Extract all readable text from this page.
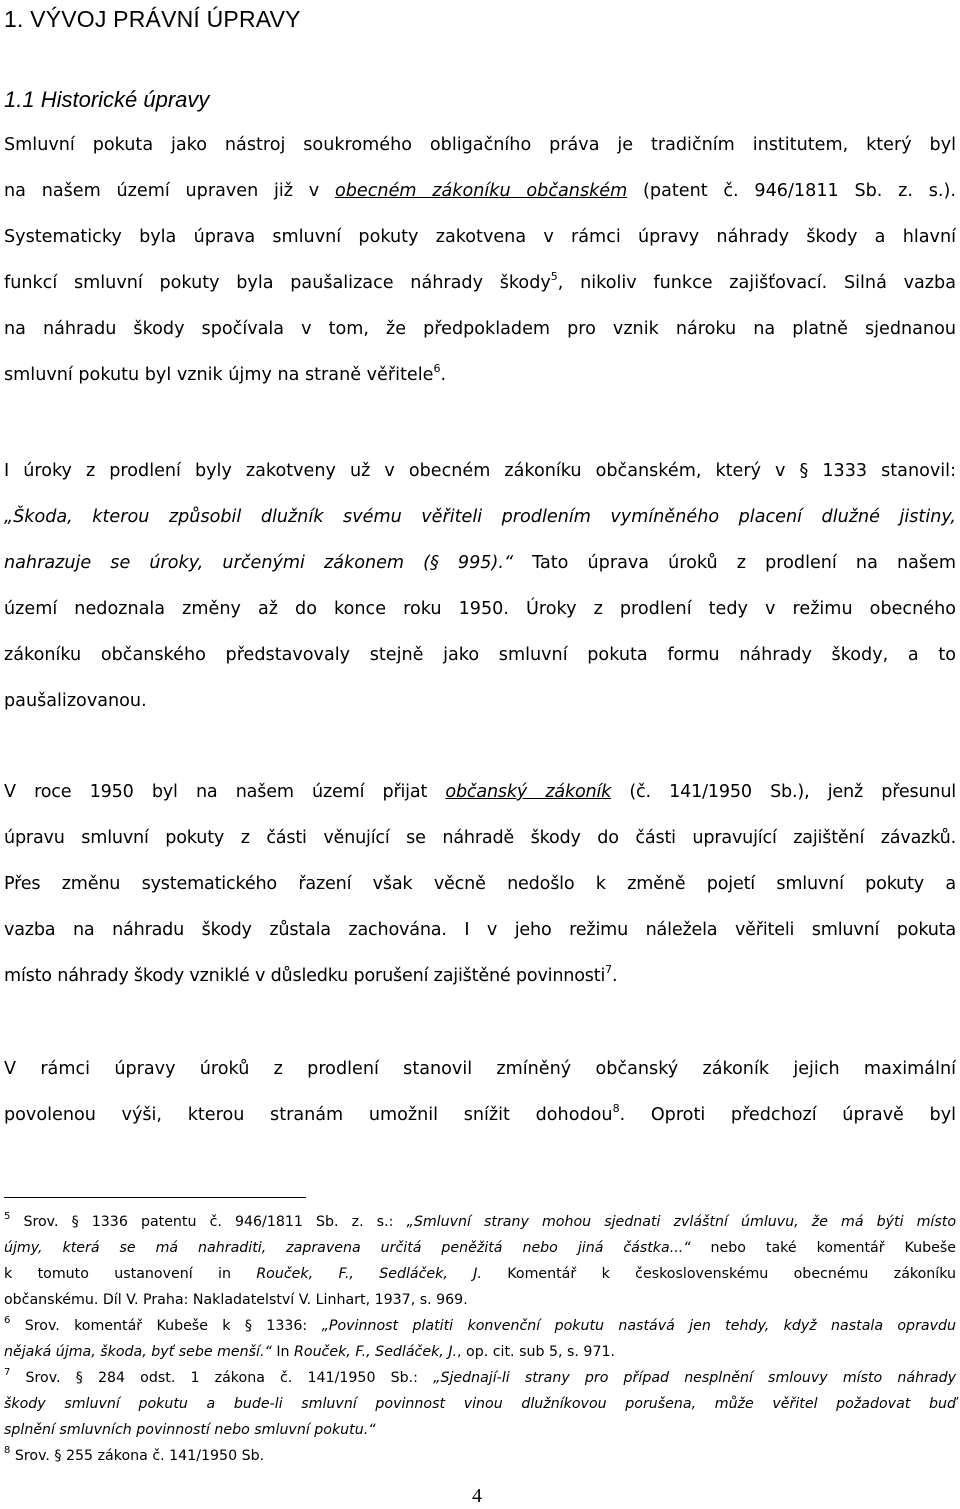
1. VÝVOJ PRÁVNÍ ÚPRAVY
1.1 Historické úpravy
Smluvní pokuta jako nástroj soukromého obligačního práva je tradičním institutem, který byl
na našem území upraven již v obecném zákoníku občanském (patent č. 946/1811 Sb. z. s.).
Systematicky byla úprava smluvní pokuty zakotvena v rámci úpravy náhrady škody a hlavní
funkcí smluvní pokuty byla paušalizace náhrady škody$^5$, nikoliv funkce zajišťovací. Silná vazba
na náhradu škody spočívala v tom, že předpokladem pro vznik nároku na platně sjednanou
smluvní pokutu byl vznik újmy na straně věřitele$^6$.
I úroky z prodlení byly zakotveny už v obecném zákoníku občanském, který v § 1333 stanovil:
„Škoda, kterou způsobil dlužník svému věřiteli prodlením vymíněného placení dlužné jistiny,
nahrazuje se úroky, určenými zákonem (§ 995).“ Tato úprava úroků z prodlení na našem
území nedoznala změny až do konce roku 1950. Úroky z prodlení tedy v režimu obecného
zákoníku občanského představovaly stejně jako smluvní pokuta formu náhrady škody, a to
paušalizovanou.
V roce 1950 byl na našem území přijat občanský zákoník (č. 141/1950 Sb.), jenž přesunul
úpravu smluvní pokuty z části věnující se náhradě škody do části upravující zajištění závazků.
Přes změnu systematického řazení však věcně nedošlo k změně pojetí smluvní pokuty a
vazba na náhradu škody zůstala zachována. I v jeho režimu náležela věřiteli smluvní pokuta
místo náhrady škody vzniklé v důsledku porušení zajištěné povinnosti$^7$.
V rámci úpravy úroků z prodlení stanovil zmíněný občanský zákoník jejich maximální
povolenou výši, kterou stranám umožnil snížit dohodou$^8$. Oproti předchozí úpravě byl
$^5$ Srov. § 1336 patentu č. 946/1811 Sb. z. s.: „Smluvní strany mohou sjednati zvláštní úmluvu, že má býti místo
újmy, která se má nahraditi, zapravena určitá peněžitá nebo jiná částka...“ nebo také komentář Kubeše
k tomuto ustanovení in Rouček, F., Sedláček, J. Komentář k československému obecnému zákoníku
občanskému. Díl V. Praha: Nakladatelství V. Linhart, 1937, s. 969.
$^6$ Srov. komentář Kubeše k § 1336: „Povinnost platiti konvenční pokutu nastává jen tehdy, když nastala opravdu
nějaká újma, škoda, byť sebe menší.“ In Rouček, F., Sedláček, J., op. cit. sub 5, s. 971.
$^7$ Srov. § 284 odst. 1 zákona č. 141/1950 Sb.: „Sjednají-li strany pro případ nesplnění smlouvy místo náhrady
škody smluvní pokutu a bude-li smluvní povinnost vinou dlužníkovou porušena, může věřitel požadovat buď
splnění smluvních povinností nebo smluvní pokutu.“
$^8$ Srov. § 255 zákona č. 141/1950 Sb.
4
